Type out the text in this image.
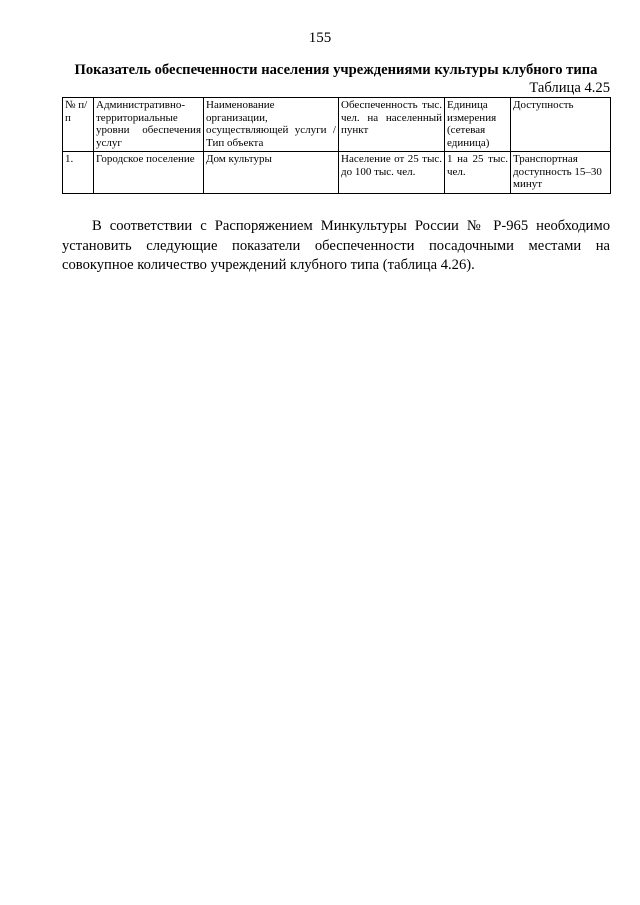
155
Показатель обеспеченности населения учреждениями культуры клубного типа
Таблица 4.25
№ п/п	Административно-территориальные уровни обеспечения услуг	Наименование организации, осуществляющей услуги / Тип объекта	Обеспеченность тыс. чел. на населенный пункт	Единица измерения (сетевая единица)	Доступность
1.	Городское поселение	Дом культуры	Население от 25 тыс. до 100 тыс. чел.	1 на 25 тыс. чел.	Транспортная доступность 15–30 минут

В соответствии с Распоряжением Минкультуры России № Р-965 необходимо установить следующие показатели обеспеченности посадочными местами на совокупное количество учреждений клубного типа (таблица 4.26).
